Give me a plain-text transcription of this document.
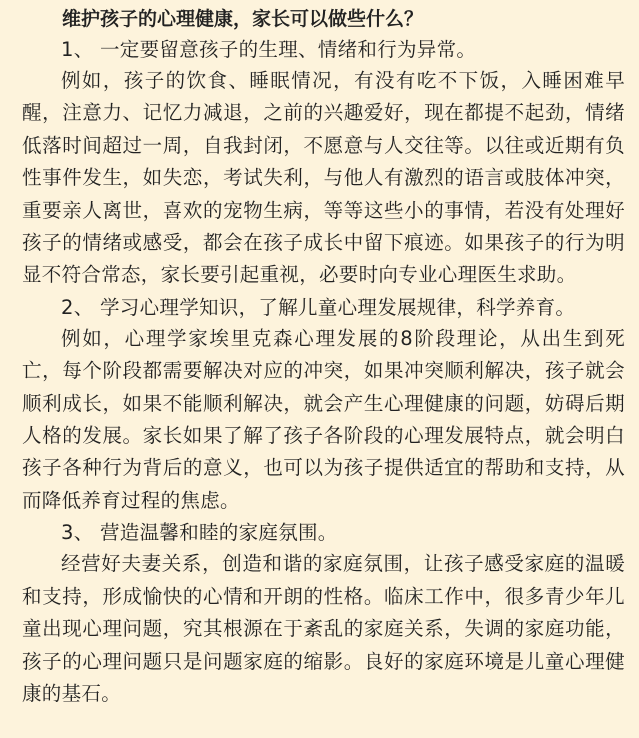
维护孩子的心理健康，家长可以做些什么？

1、 一定要留意孩子的生理、情绪和行为异常。

例如，孩子的饮食、睡眠情况，有没有吃不下饭，入睡困难早醒，注意力、记忆力减退，之前的兴趣爱好，现在都提不起劲，情绪低落时间超过一周，自我封闭，不愿意与人交往等。以往或近期有负性事件发生，如失恋，考试失利，与他人有激烈的语言或肢体冲突，重要亲人离世，喜欢的宠物生病，等等这些小的事情，若没有处理好孩子的情绪或感受，都会在孩子成长中留下痕迹。如果孩子的行为明显不符合常态，家长要引起重视，必要时向专业心理医生求助。

2、 学习心理学知识，了解儿童心理发展规律，科学养育。

例如，心理学家埃里克森心理发展的8阶段理论，从出生到死亡，每个阶段都需要解决对应的冲突，如果冲突顺利解决，孩子就会顺利成长，如果不能顺利解决，就会产生心理健康的问题，妨碍后期人格的发展。家长如果了解了孩子各阶段的心理发展特点，就会明白孩子各种行为背后的意义，也可以为孩子提供适宜的帮助和支持，从而降低养育过程的焦虑。

3、 营造温馨和睦的家庭氛围。

经营好夫妻关系，创造和谐的家庭氛围，让孩子感受家庭的温暖和支持，形成愉快的心情和开朗的性格。临床工作中，很多青少年儿童出现心理问题，究其根源在于紊乱的家庭关系，失调的家庭功能，孩子的心理问题只是问题家庭的缩影。良好的家庭环境是儿童心理健康的基石。
